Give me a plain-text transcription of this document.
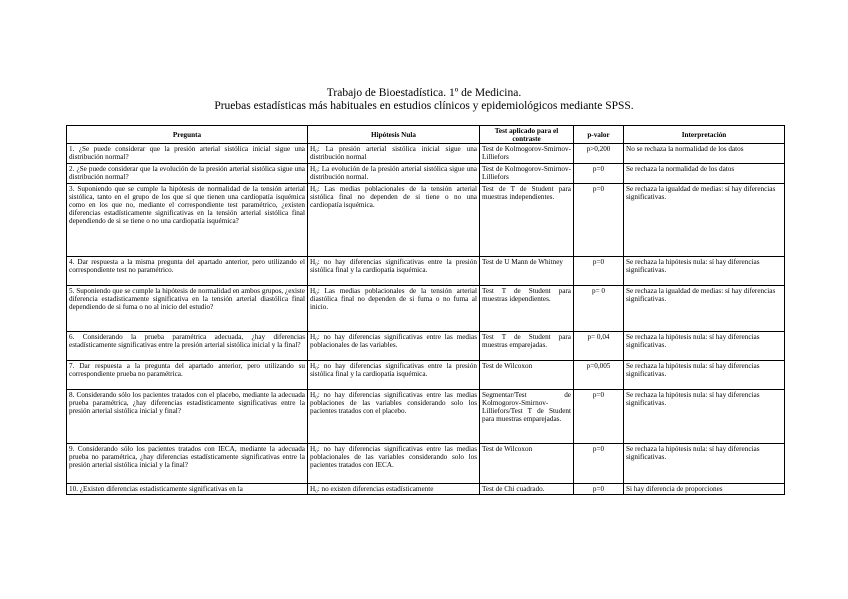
Trabajo de Bioestadística. 1º de Medicina.
Pruebas estadísticas más habituales en estudios clínicos y epidemiológicos mediante SPSS.
Pregunta	Hipótesis Nula	Test aplicado para el contraste	p-valor	Interpretación
1. ¿Se puede considerar que la presión arterial sistólica inicial sigue una distribución normal?	H₀: La presión arterial sistólica inicial sigue una distribución normal	Test de Kolmogorov-Smirnov-Lilliefors	p>0,200	No se rechaza la normalidad de los datos
2. ¿Se puede considerar que la evolución de la presión arterial sistólica sigue una distribución normal?	H₀: La evolución de la presión arterial sistólica sigue una distribución normal.	Test de Kolmogorov-Smirnov-Lilliefors	p=0	Se rechaza la normalidad de los datos
3. Suponiendo que se cumple la hipótesis de normalidad de la tensión arterial sistólica, tanto en el grupo de los que sí que tienen una cardiopatía isquémica como en los que no, mediante el correspondiente test paramétrico, ¿existen diferencias estadísticamente significativas en la tensión arterial sistólica final dependiendo de si se tiene o no una cardiopatía isquémica?	H₀: Las medias poblacionales de la tensión arterial sistólica final no dependen de si tiene o no una cardiopatía isquémica.	Test de T de Student para muestras independientes.	p=0	Se rechaza la igualdad de medias: sí hay diferencias significativas.
4. Dar respuesta a la misma pregunta del apartado anterior, pero utilizando el correspondiente test no paramétrico.	H₀: no hay diferencias significativas entre la presión sistólica final y la cardiopatía isquémica.	Test de U Mann de Whitney	p=0	Se rechaza la hipótesis nula: sí hay diferencias significativas.
5. Suponiendo que se cumple la hipótesis de normalidad en ambos grupos, ¿existe diferencia estadísticamente significativa en la tensión arterial diastólica final dependiendo de si fuma o no al inicio del estudio?	H₀: Las medias poblacionales de la tensión arterial diastólica final no dependen de si fuma o no fuma al inicio.	Test T de Student para muestras idependientes.	p= 0	Se rechaza la igualdad de medias: sí hay diferencias significativas.
6. Considerando la prueba paramétrica adecuada, ¿hay diferencias estadísticamente significativas entre la presión arterial sistólica inicial y la final?	H₀: no hay diferencias significativas entre las medias poblacionales de las variables.	Test T de Student para muestras emparejadas.	p= 0,04	Se rechaza la hipótesis nula: sí hay diferencias significativas.
7. Dar respuesta a la pregunta del apartado anterior, pero utilizando su correspondiente prueba no paramétrica.	H₀: no hay diferencias significativas entre la presión sistólica final y la cardiopatía isquémica.	Test de Wilcoxon	p=0,005	Se rechaza la hipótesis nula: sí hay diferencias significativas.
8. Considerando sólo los pacientes tratados con el placebo, mediante la adecuada prueba paramétrica, ¿hay diferencias estadísticamente significativas entre la presión arterial sistólica inicial y final?	H₀: no hay diferencias significativas entre las medias poblaciones de las variables considerando solo los pacientes tratados con el placebo.	Segmentar/Test de Kolmogorov-Smirnov-Lilliefors/Test T de Student para muestras emparejadas.	p=0	Se rechaza la hipótesis nula: sí hay diferencias significativas.
9. Considerando sólo los pacientes tratados con IECA, mediante la adecuada prueba no paramétrica, ¿hay diferencias estadísticamente significativas entre la presión arterial sistólica inicial y la final?	H₀: no hay diferencias significativas entre las medias poblacionales de las variables considerando solo los pacientes tratados con IECA.	Test de Wilcoxon	p=0	Se rechaza la hipótesis nula: sí hay diferencias significativas.
10. ¿Existen diferencias estadísticamente significativas en la	H₀: no existen diferencias estadísticamente	Test de Chi cuadrado.	p=0	Si hay diferencia de proporciones
